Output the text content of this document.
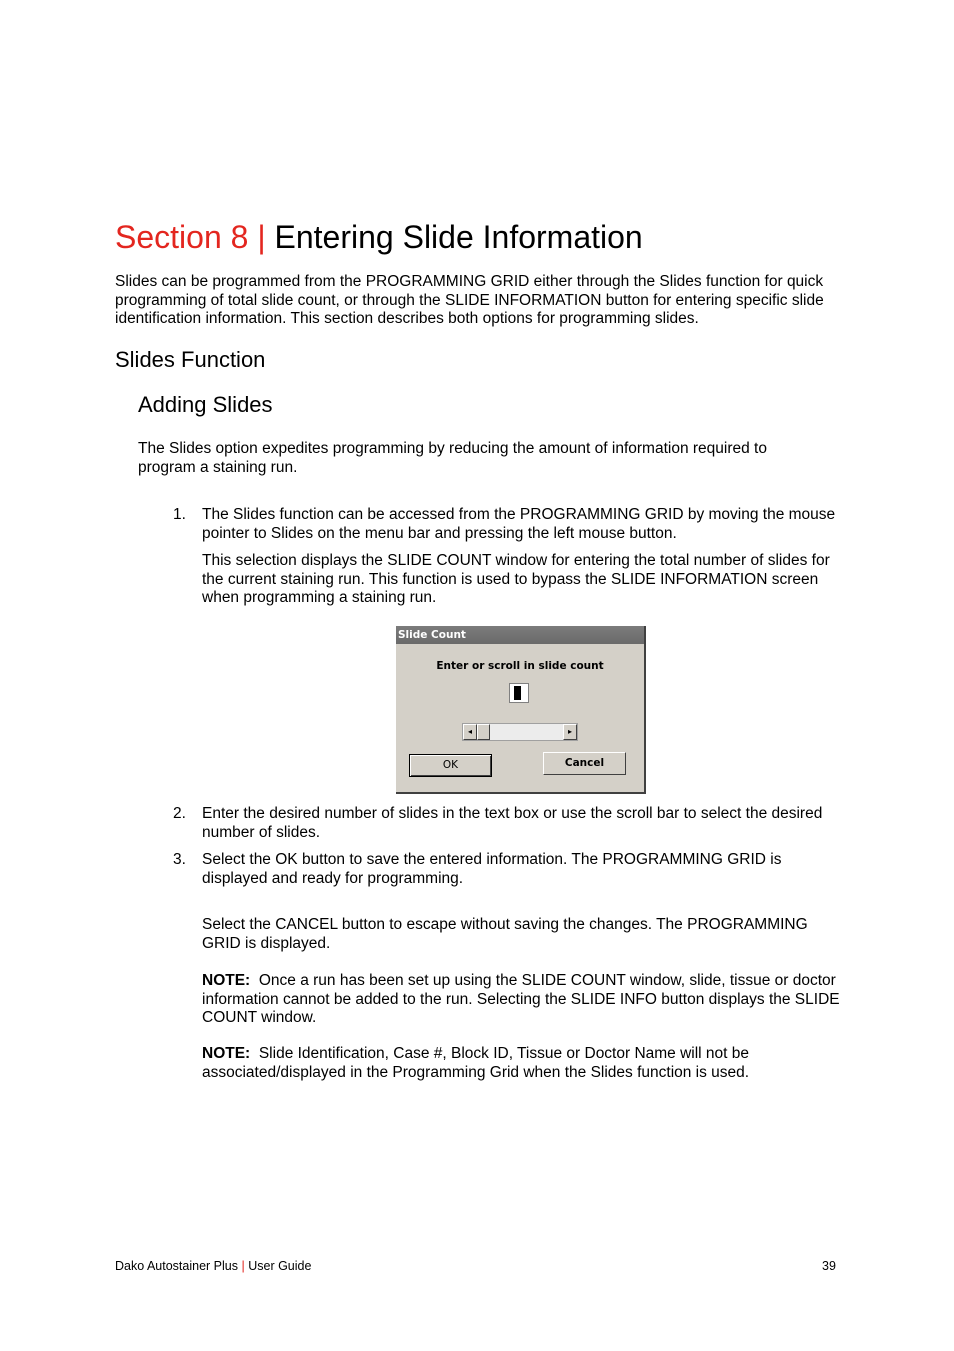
Section 8 | Entering Slide Information
Slides can be programmed from the PROGRAMMING GRID either through the Slides function for quick programming of total slide count, or through the SLIDE INFORMATION button for entering specific slide identification information. This section describes both options for programming slides.
Slides Function
Adding Slides
The Slides option expedites programming by reducing the amount of information required to program a staining run.
1. The Slides function can be accessed from the PROGRAMMING GRID by moving the mouse pointer to Slides on the menu bar and pressing the left mouse button.
This selection displays the SLIDE COUNT window for entering the total number of slides for the current staining run. This function is used to bypass the SLIDE INFORMATION screen when programming a staining run.
Slide Count
Enter or scroll in slide count
◂	▸
OK	Cancel
2. Enter the desired number of slides in the text box or use the scroll bar to select the desired number of slides.
3. Select the OK button to save the entered information. The PROGRAMMING GRID is displayed and ready for programming.
Select the CANCEL button to escape without saving the changes. The PROGRAMMING GRID is displayed.
NOTE: Once a run has been set up using the SLIDE COUNT window, slide, tissue or doctor information cannot be added to the run. Selecting the SLIDE INFO button displays the SLIDE COUNT window.
NOTE: Slide Identification, Case #, Block ID, Tissue or Doctor Name will not be associated/displayed in the Programming Grid when the Slides function is used.
Dako Autostainer Plus | User Guide	39
